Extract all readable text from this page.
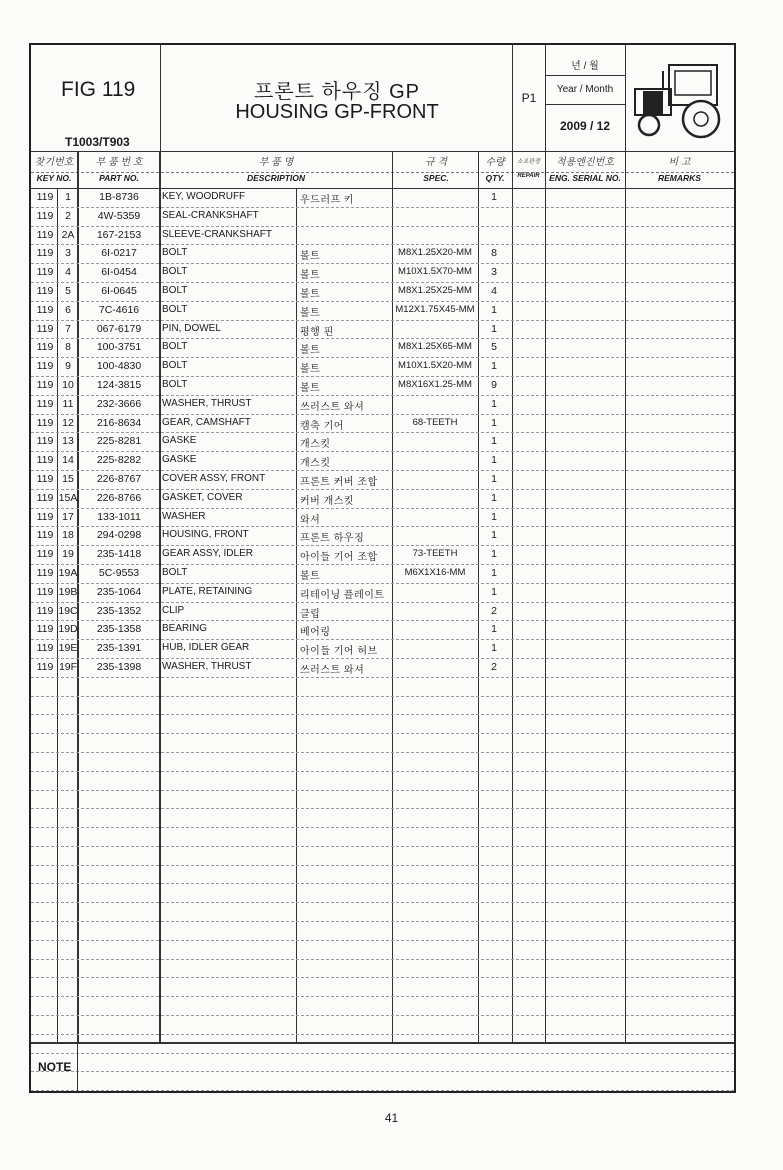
FIG 119
T1003/T903
프론트 하우징 GP
HOUSING GP-FRONT
P1
년 / 월
Year / Month
2009 / 12
찾기번호
KEY NO.
부 품 번 호
PART NO.
부 품 명
DESCRIPTION
규 격
SPEC.
수량
QTY.
소요판정
REPAIR
적용엔진번호
ENG. SERIAL NO.
비 고
REMARKS
119	1	1B-8736	KEY, WOODRUFF	우드러프 키	1
119	2	4W-5359	SEAL-CRANKSHAFT
119 2A	167-2153	SLEEVE-CRANKSHAFT
119	3	6I-0217	BOLT	볼트	M8X1.25X20-MM	8
119	4	6I-0454	BOLT	볼트	M10X1.5X70-MM	3
119	5	6I-0645	BOLT	볼트	M8X1.25X25-MM	4
119	6	7C-4616	BOLT	볼트	M12X1.75X45-MM	1
119	7	067-6179	PIN, DOWEL	평행 핀	1
119	8	100-3751	BOLT	볼트	M8X1.25X65-MM	5
119	9	100-4830	BOLT	볼트	M10X1.5X20-MM	1
119 10	124-3815	BOLT	볼트	M8X16X1.25-MM	9
119 11	232-3666	WASHER, THRUST	쓰러스트 와셔	1
119 12	216-8634	GEAR, CAMSHAFT	캠축 기어	68-TEETH	1
119 13	225-8281	GASKE	개스킷	1
119 14	225-8282	GASKE	개스킷	1
119 15	226-8767	COVER ASSY, FRONT	프론트 커버 조합	1
119 15A	226-8766	GASKET, COVER	커버 개스킷	1
119 17	133-1011	WASHER	와셔	1
119 18	294-0298	HOUSING, FRONT	프론트 하우징	1
119 19	235-1418	GEAR ASSY, IDLER	아이들 기어 조합	73-TEETH	1
119 19A	5C-9553	BOLT	볼트	M6X1X16-MM	1
119 19B	235-1064	PLATE, RETAINING	리테이닝 플레이트	1
119 19C	235-1352	CLIP	클립	2
119 19D	235-1358	BEARING	베어링	1
119 19E	235-1391	HUB, IDLER GEAR	아이들 기어 허브	1
119 19F	235-1398	WASHER, THRUST	쓰러스트 와셔	2
NOTE
41
